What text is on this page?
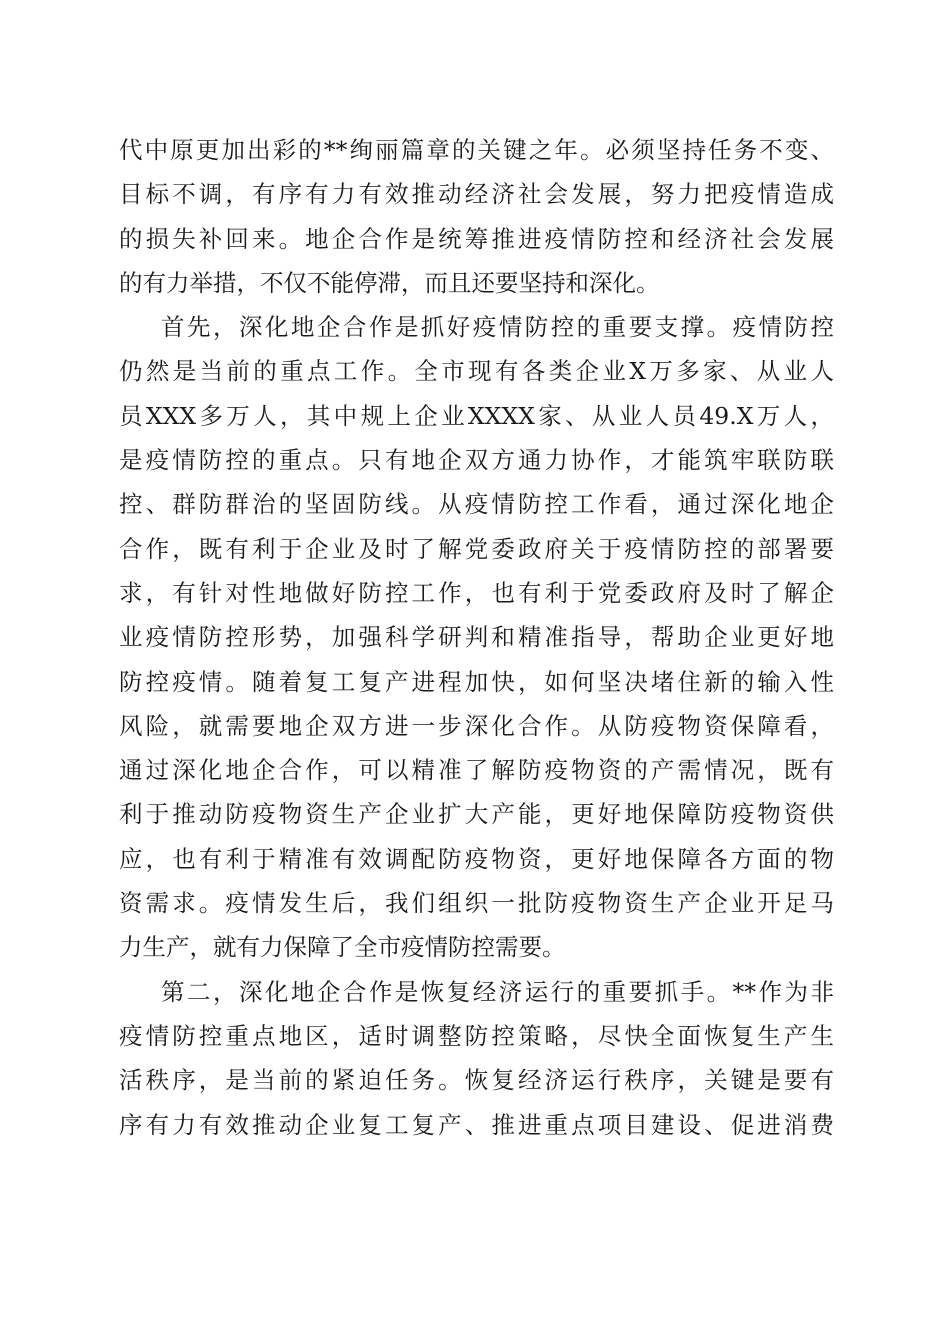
代中原更加出彩的**绚丽篇章的关键之年。必须坚持任务不变、
目标不调，有序有力有效推动经济社会发展，努力把疫情造成
的损失补回来。地企合作是统筹推进疫情防控和经济社会发展
的有力举措，不仅不能停滞，而且还要坚持和深化。
首先，深化地企合作是抓好疫情防控的重要支撑。疫情防控
仍然是当前的重点工作。全市现有各类企业X万多家、从业人
员XXX多万人，其中规上企业XXXX家、从业人员49.X万人，
是疫情防控的重点。只有地企双方通力协作，才能筑牢联防联
控、群防群治的坚固防线。从疫情防控工作看，通过深化地企
合作，既有利于企业及时了解党委政府关于疫情防控的部署要
求，有针对性地做好防控工作，也有利于党委政府及时了解企
业疫情防控形势，加强科学研判和精准指导，帮助企业更好地
防控疫情。随着复工复产进程加快，如何坚决堵住新的输入性
风险，就需要地企双方进一步深化合作。从防疫物资保障看，
通过深化地企合作，可以精准了解防疫物资的产需情况，既有
利于推动防疫物资生产企业扩大产能，更好地保障防疫物资供
应，也有利于精准有效调配防疫物资，更好地保障各方面的物
资需求。疫情发生后，我们组织一批防疫物资生产企业开足马
力生产，就有力保障了全市疫情防控需要。
第二，深化地企合作是恢复经济运行的重要抓手。**作为非
疫情防控重点地区，适时调整防控策略，尽快全面恢复生产生
活秩序，是当前的紧迫任务。恢复经济运行秩序，关键是要有
序有力有效推动企业复工复产、推进重点项目建设、促进消费
